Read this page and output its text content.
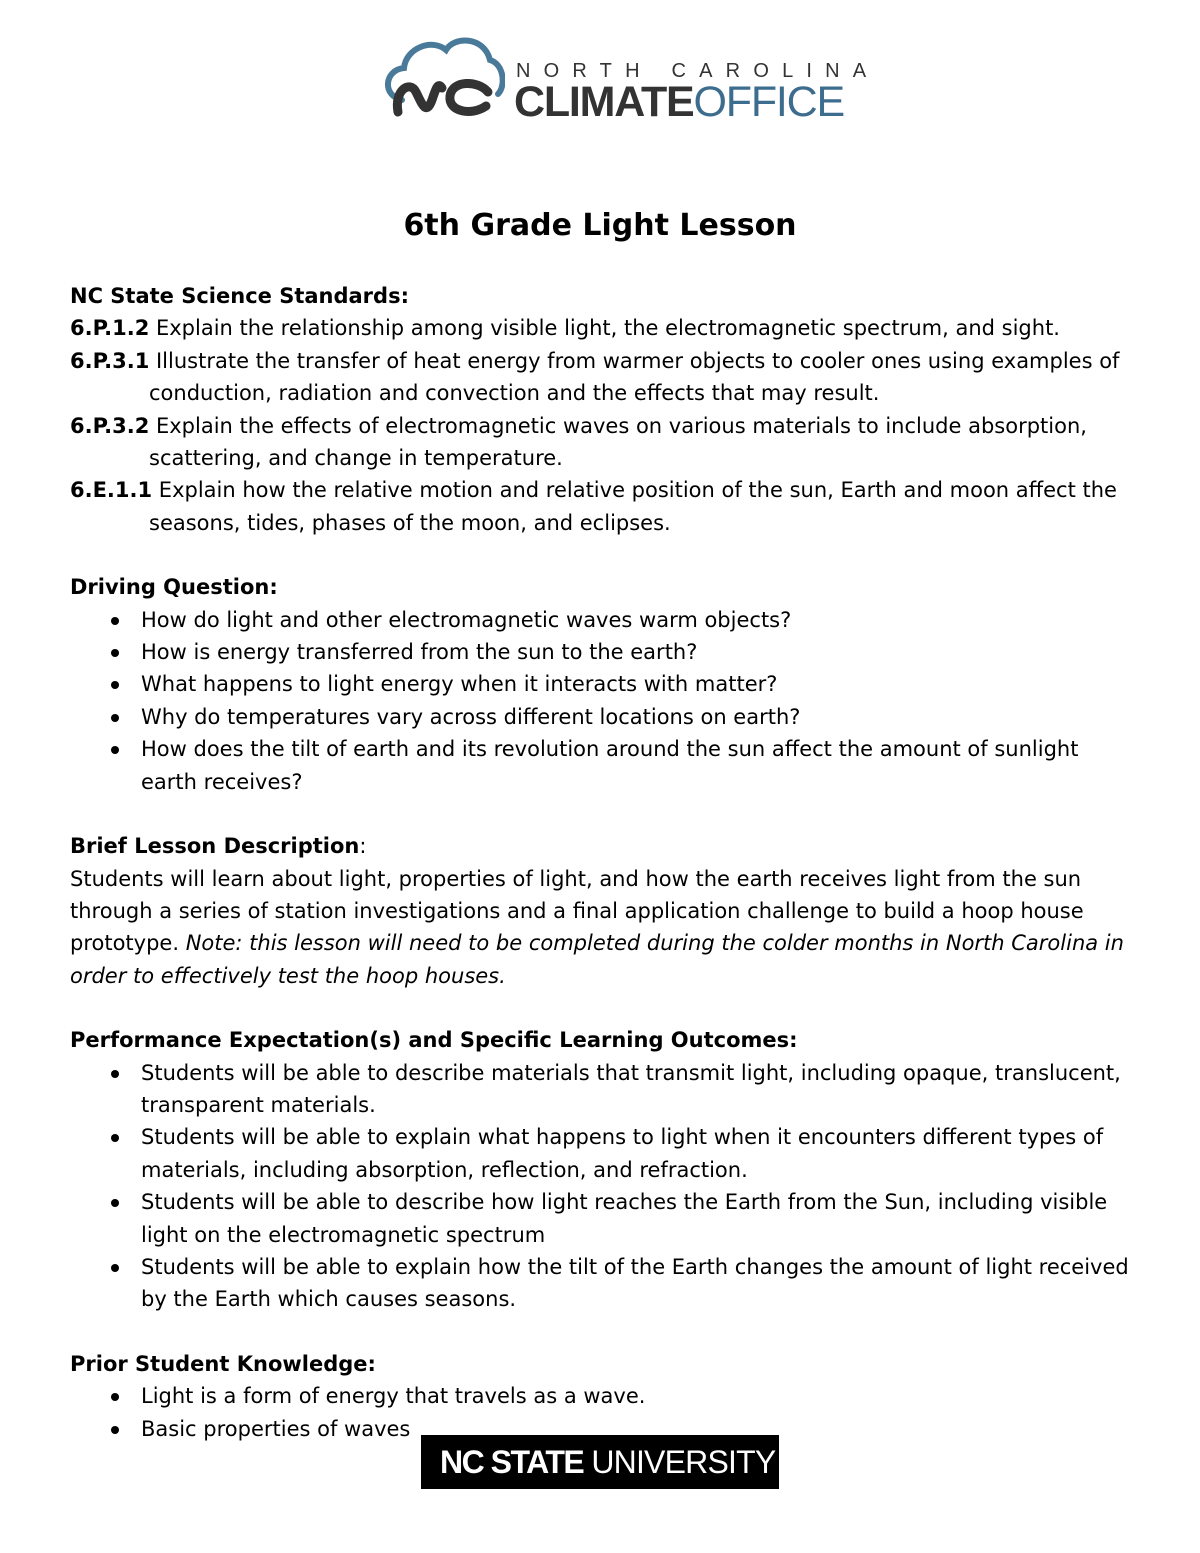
NORTH CAROLINA
CLIMATEOFFICE
6th Grade Light Lesson

NC State Science Standards:

6.P.1.2 Explain the relationship among visible light, the electromagnetic spectrum, and sight.

6.P.3.1 Illustrate the transfer of heat energy from warmer objects to cooler ones using examples of conduction, radiation and convection and the effects that may result.

6.P.3.2 Explain the effects of electromagnetic waves on various materials to include absorption, scattering, and change in temperature.

6.E.1.1 Explain how the relative motion and relative position of the sun, Earth and moon affect the seasons, tides, phases of the moon, and eclipses.

Driving Question:

How do light and other electromagnetic waves warm objects?
How is energy transferred from the sun to the earth?
What happens to light energy when it interacts with matter?
Why do temperatures vary across different locations on earth?
How does the tilt of earth and its revolution around the sun affect the amount of sunlight earth receives?

Brief Lesson Description:

Students will learn about light, properties of light, and how the earth receives light from the sun through a series of station investigations and a final application challenge to build a hoop house prototype. Note: this lesson will need to be completed during the colder months in North Carolina in order to effectively test the hoop houses.

Performance Expectation(s) and Specific Learning Outcomes:

Students will be able to describe materials that transmit light, including opaque, translucent, transparent materials.
Students will be able to explain what happens to light when it encounters different types of materials, including absorption, reflection, and refraction.
Students will be able to describe how light reaches the Earth from the Sun, including visible light on the electromagnetic spectrum
Students will be able to explain how the tilt of the Earth changes the amount of light received by the Earth which causes seasons.

Prior Student Knowledge:

Light is a form of energy that travels as a wave.
Basic properties of waves
NC STATE UNIVERSITY
